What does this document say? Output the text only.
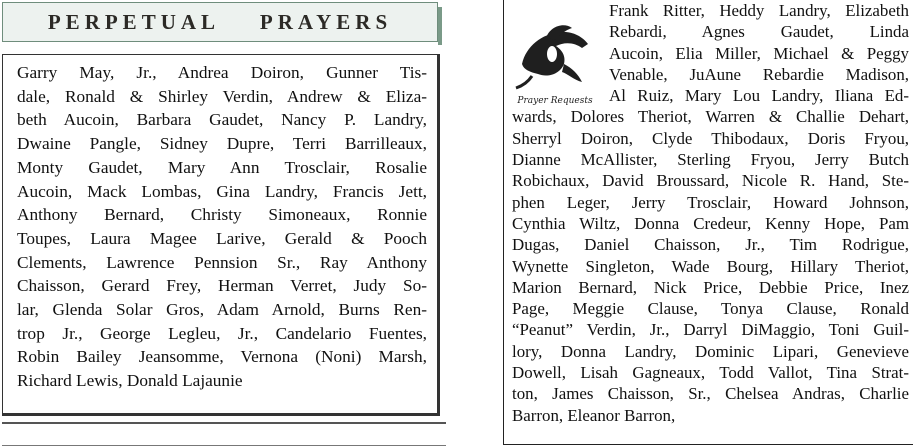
PERPETUAL    PRAYERS
Garry May, Jr., Andrea Doiron, Gunner Tis-
dale, Ronald & Shirley Verdin, Andrew & Eliza-
beth Aucoin, Barbara Gaudet, Nancy P. Landry,
Dwaine Pangle, Sidney Dupre, Terri Barrilleaux,
Monty Gaudet, Mary Ann Trosclair, Rosalie
Aucoin, Mack Lombas, Gina Landry, Francis Jett,
Anthony Bernard, Christy Simoneaux, Ronnie
Toupes, Laura Magee Larive, Gerald & Pooch
Clements, Lawrence Pennsion Sr., Ray Anthony
Chaisson, Gerard Frey, Herman Verret, Judy So-
lar, Glenda Solar Gros, Adam Arnold, Burns Ren-
trop Jr., George Legleu, Jr., Candelario Fuentes,
Robin Bailey Jeansomme, Vernona (Noni) Marsh,
Richard Lewis, Donald Lajaunie
Prayer Requests
Frank Ritter, Heddy Landry, Elizabeth
Rebardi, Agnes Gaudet, Linda
Aucoin, Elia Miller, Michael & Peggy
Venable, JuAune Rebardie Madison,
Al Ruiz, Mary Lou Landry, Iliana Ed-
wards, Dolores Theriot, Warren & Challie Dehart,
Sherryl Doiron, Clyde Thibodaux, Doris Fryou,
Dianne McAllister, Sterling Fryou, Jerry Butch
Robichaux, David Broussard, Nicole R. Hand, Ste-
phen Leger, Jerry Trosclair, Howard Johnson,
Cynthia Wiltz, Donna Credeur, Kenny Hope, Pam
Dugas, Daniel Chaisson, Jr., Tim Rodrigue,
Wynette Singleton, Wade Bourg, Hillary Theriot,
Marion Bernard, Nick Price, Debbie Price, Inez
Page, Meggie Clause, Tonya Clause, Ronald
“Peanut” Verdin, Jr., Darryl DiMaggio, Toni Guil-
lory, Donna Landry, Dominic Lipari, Genevieve
Dowell, Lisah Gagneaux, Todd Vallot, Tina Strat-
ton, James Chaisson, Sr., Chelsea Andras, Charlie
Barron, Eleanor Barron,
